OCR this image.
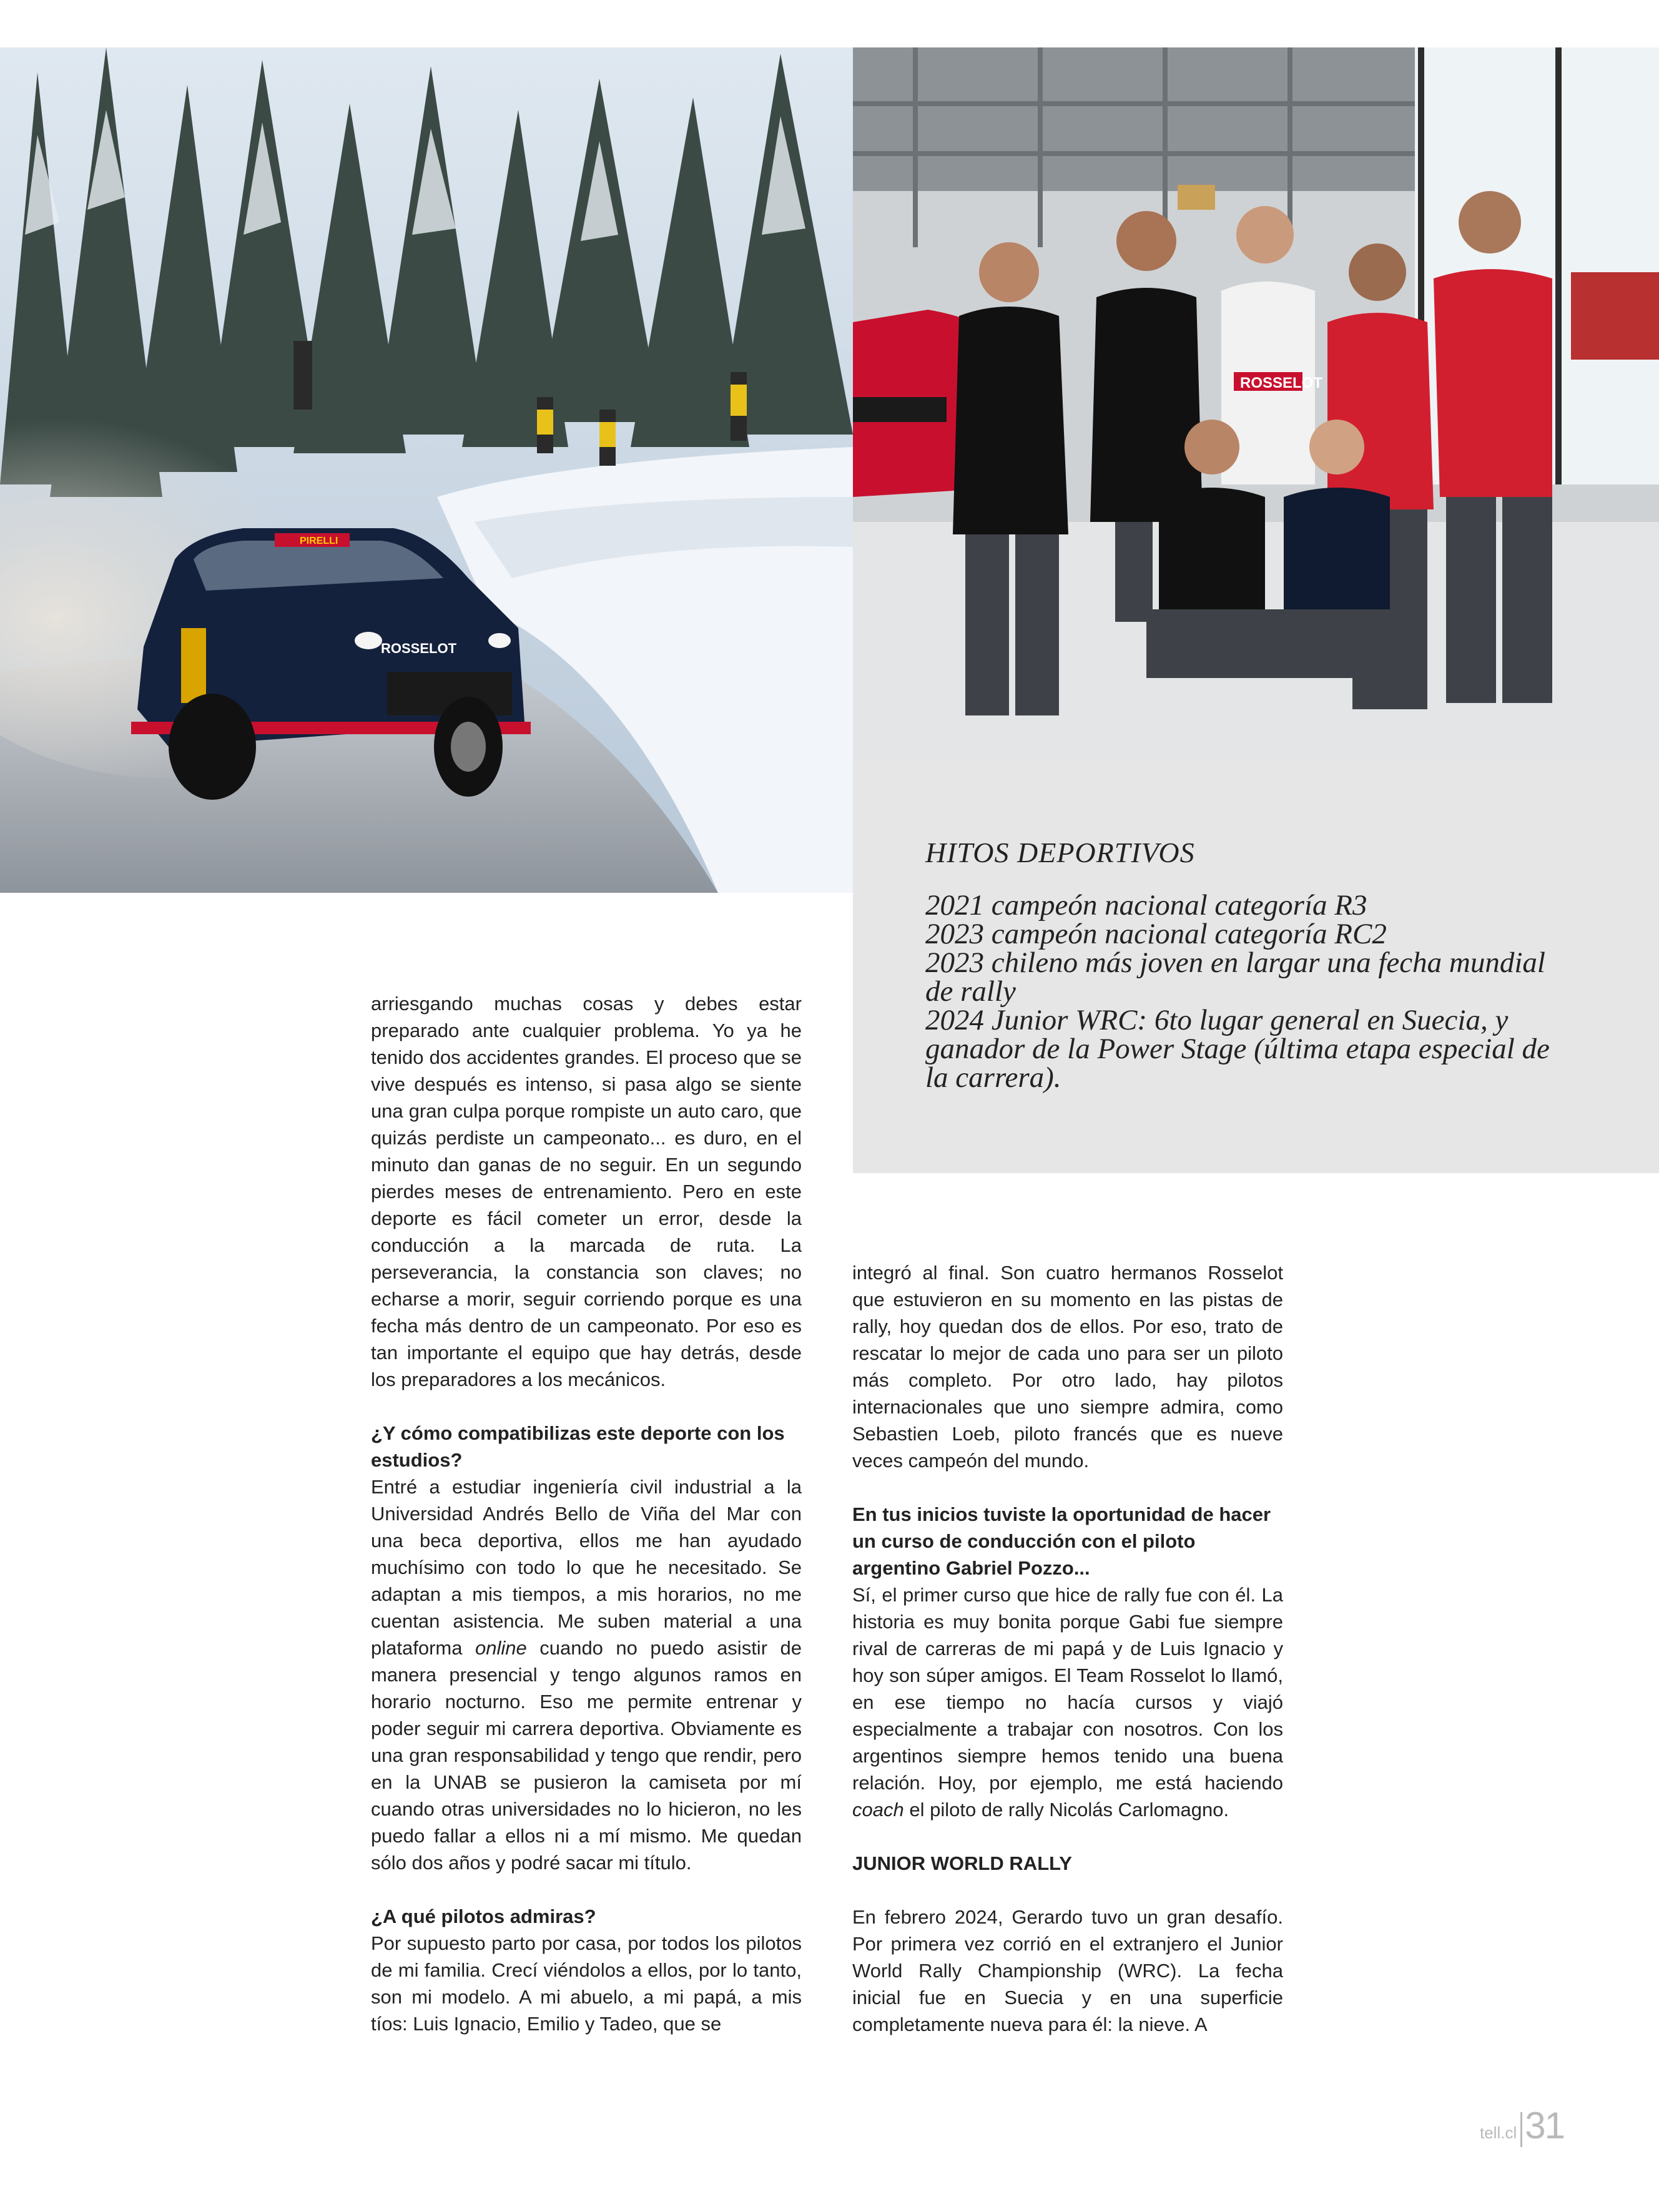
ROSSELOT
PIRELLI
ROSSELOT
HITOS DEPORTIVOS
2021 campeón nacional categoría R3
2023 campeón nacional categoría RC2
2023 chileno más joven en largar una fecha mundial de rally
2024 Junior WRC: 6to lugar general en Suecia, y ganador de la Power Stage (última etapa especial de la carrera).

arriesgando muchas cosas y debes estar preparado ante cualquier problema. Yo ya he tenido dos accidentes grandes. El proceso que se vive después es intenso, si pasa algo se siente una gran culpa porque rompiste un auto caro, que quizás perdiste un campeonato... es duro, en el minuto dan ganas de no seguir. En un segundo pierdes meses de entrenamiento. Pero en este deporte es fácil cometer un error, desde la conducción a la marcada de ruta. La perseverancia, la constancia son claves; no echarse a morir, seguir corriendo porque es una fecha más dentro de un campeonato. Por eso es tan importante el equipo que hay detrás, desde los preparadores a los mecánicos.

¿Y cómo compatibilizas este deporte con los estudios?

Entré a estudiar ingeniería civil industrial a la Universidad Andrés Bello de Viña del Mar con una beca deportiva, ellos me han ayudado muchísimo con todo lo que he necesitado. Se adaptan a mis tiempos, a mis horarios, no me cuentan asistencia. Me suben material a una plataforma online cuando no puedo asistir de manera presencial y tengo algunos ramos en horario nocturno. Eso me permite entrenar y poder seguir mi carrera deportiva. Obviamente es una gran responsabilidad y tengo que rendir, pero en la UNAB se pusieron la camiseta por mí cuando otras universidades no lo hicieron, no les puedo fallar a ellos ni a mí mismo. Me quedan sólo dos años y podré sacar mi título.

¿A qué pilotos admiras?

Por supuesto parto por casa, por todos los pilotos de mi familia. Crecí viéndolos a ellos, por lo tanto, son mi modelo. A mi abuelo, a mi papá, a mis tíos: Luis Ignacio, Emilio y Tadeo, que se

integró al final. Son cuatro hermanos Rosselot que estuvieron en su momento en las pistas de rally, hoy quedan dos de ellos. Por eso, trato de rescatar lo mejor de cada uno para ser un piloto más completo. Por otro lado, hay pilotos internacionales que uno siempre admira, como Sebastien Loeb, piloto francés que es nueve veces campeón del mundo.

En tus inicios tuviste la oportunidad de hacer un curso de conducción con el piloto argentino Gabriel Pozzo...

Sí, el primer curso que hice de rally fue con él. La historia es muy bonita porque Gabi fue siempre rival de carreras de mi papá y de Luis Ignacio y hoy son súper amigos. El Team Rosselot lo llamó, en ese tiempo no hacía cursos y viajó especialmente a trabajar con nosotros. Con los argentinos siempre hemos tenido una buena relación. Hoy, por ejemplo, me está haciendo coach el piloto de rally Nicolás Carlomagno.

JUNIOR WORLD RALLY

En febrero 2024, Gerardo tuvo un gran desafío. Por primera vez corrió en el extranjero el Junior World Rally Championship (WRC). La fecha inicial fue en Suecia y en una superficie completamente nueva para él: la nieve. A

tell.cl 31
